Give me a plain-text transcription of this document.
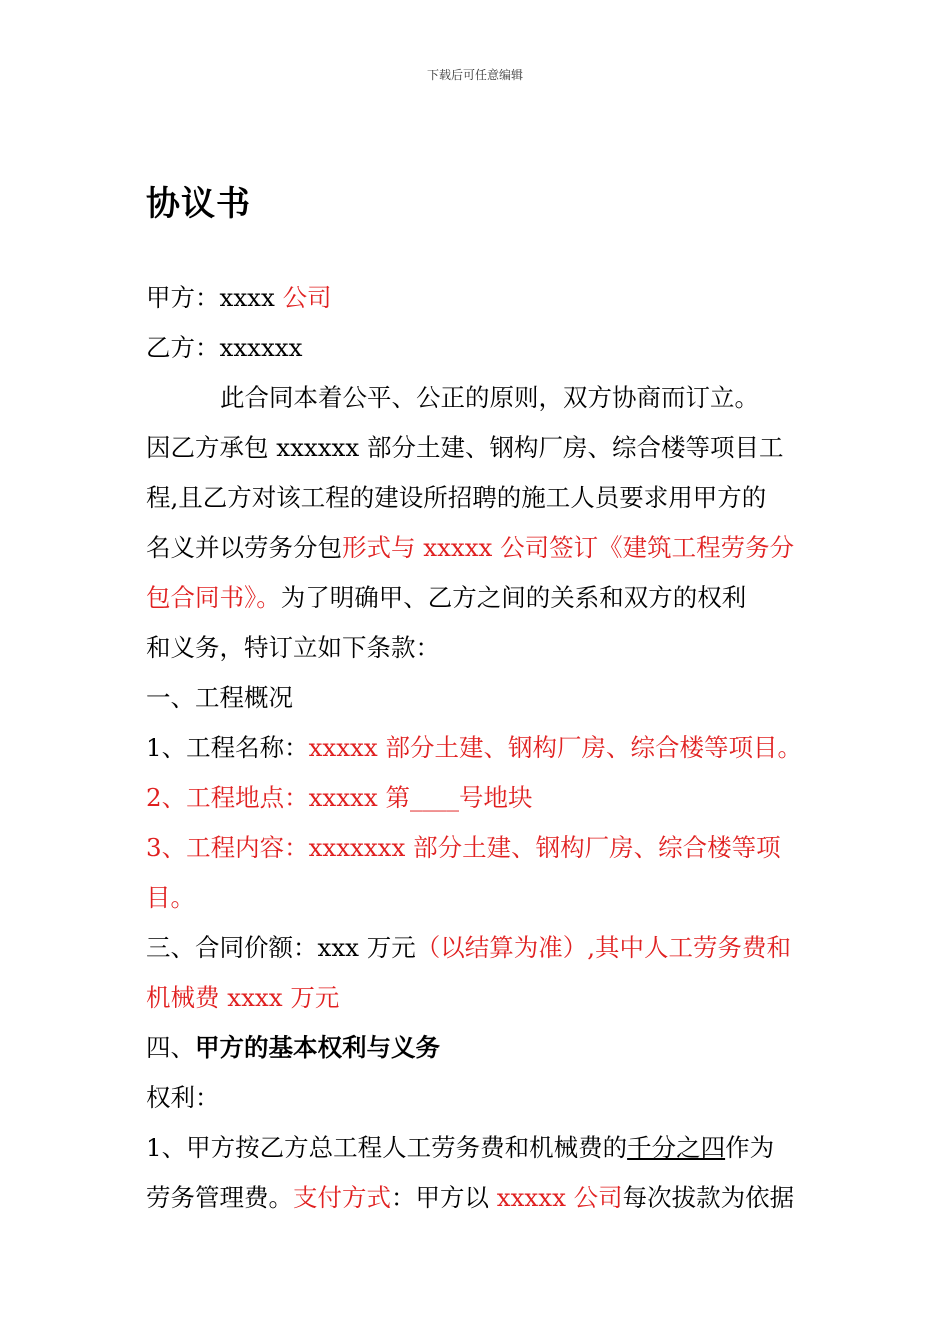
下载后可任意编辑
协议书
甲方：xxxx 公司
乙方：xxxxxx
此合同本着公平、公正的原则，双方协商而订立。
因乙方承包 xxxxxx 部分土建、钢构厂房、综合楼等项目工
程,且乙方对该工程的建设所招聘的施工人员要求用甲方的
名义并以劳务分包形式与 xxxxx 公司签订《建筑工程劳务分
包合同书》。为了明确甲、乙方之间的关系和双方的权利
和义务，特订立如下条款：
一、工程概况
1、工程名称：xxxxx 部分土建、钢构厂房、综合楼等项目。
2、工程地点：xxxxx 第____号地块
3、工程内容：xxxxxxx 部分土建、钢构厂房、综合楼等项
目。
三、合同价额：xxx 万元（以结算为准）,其中人工劳务费和
机械费 xxxx 万元
四、甲方的基本权利与义务
权利：
1、甲方按乙方总工程人工劳务费和机械费的千分之四作为
劳务管理费。支付方式：甲方以 xxxxx 公司每次拔款为依据
